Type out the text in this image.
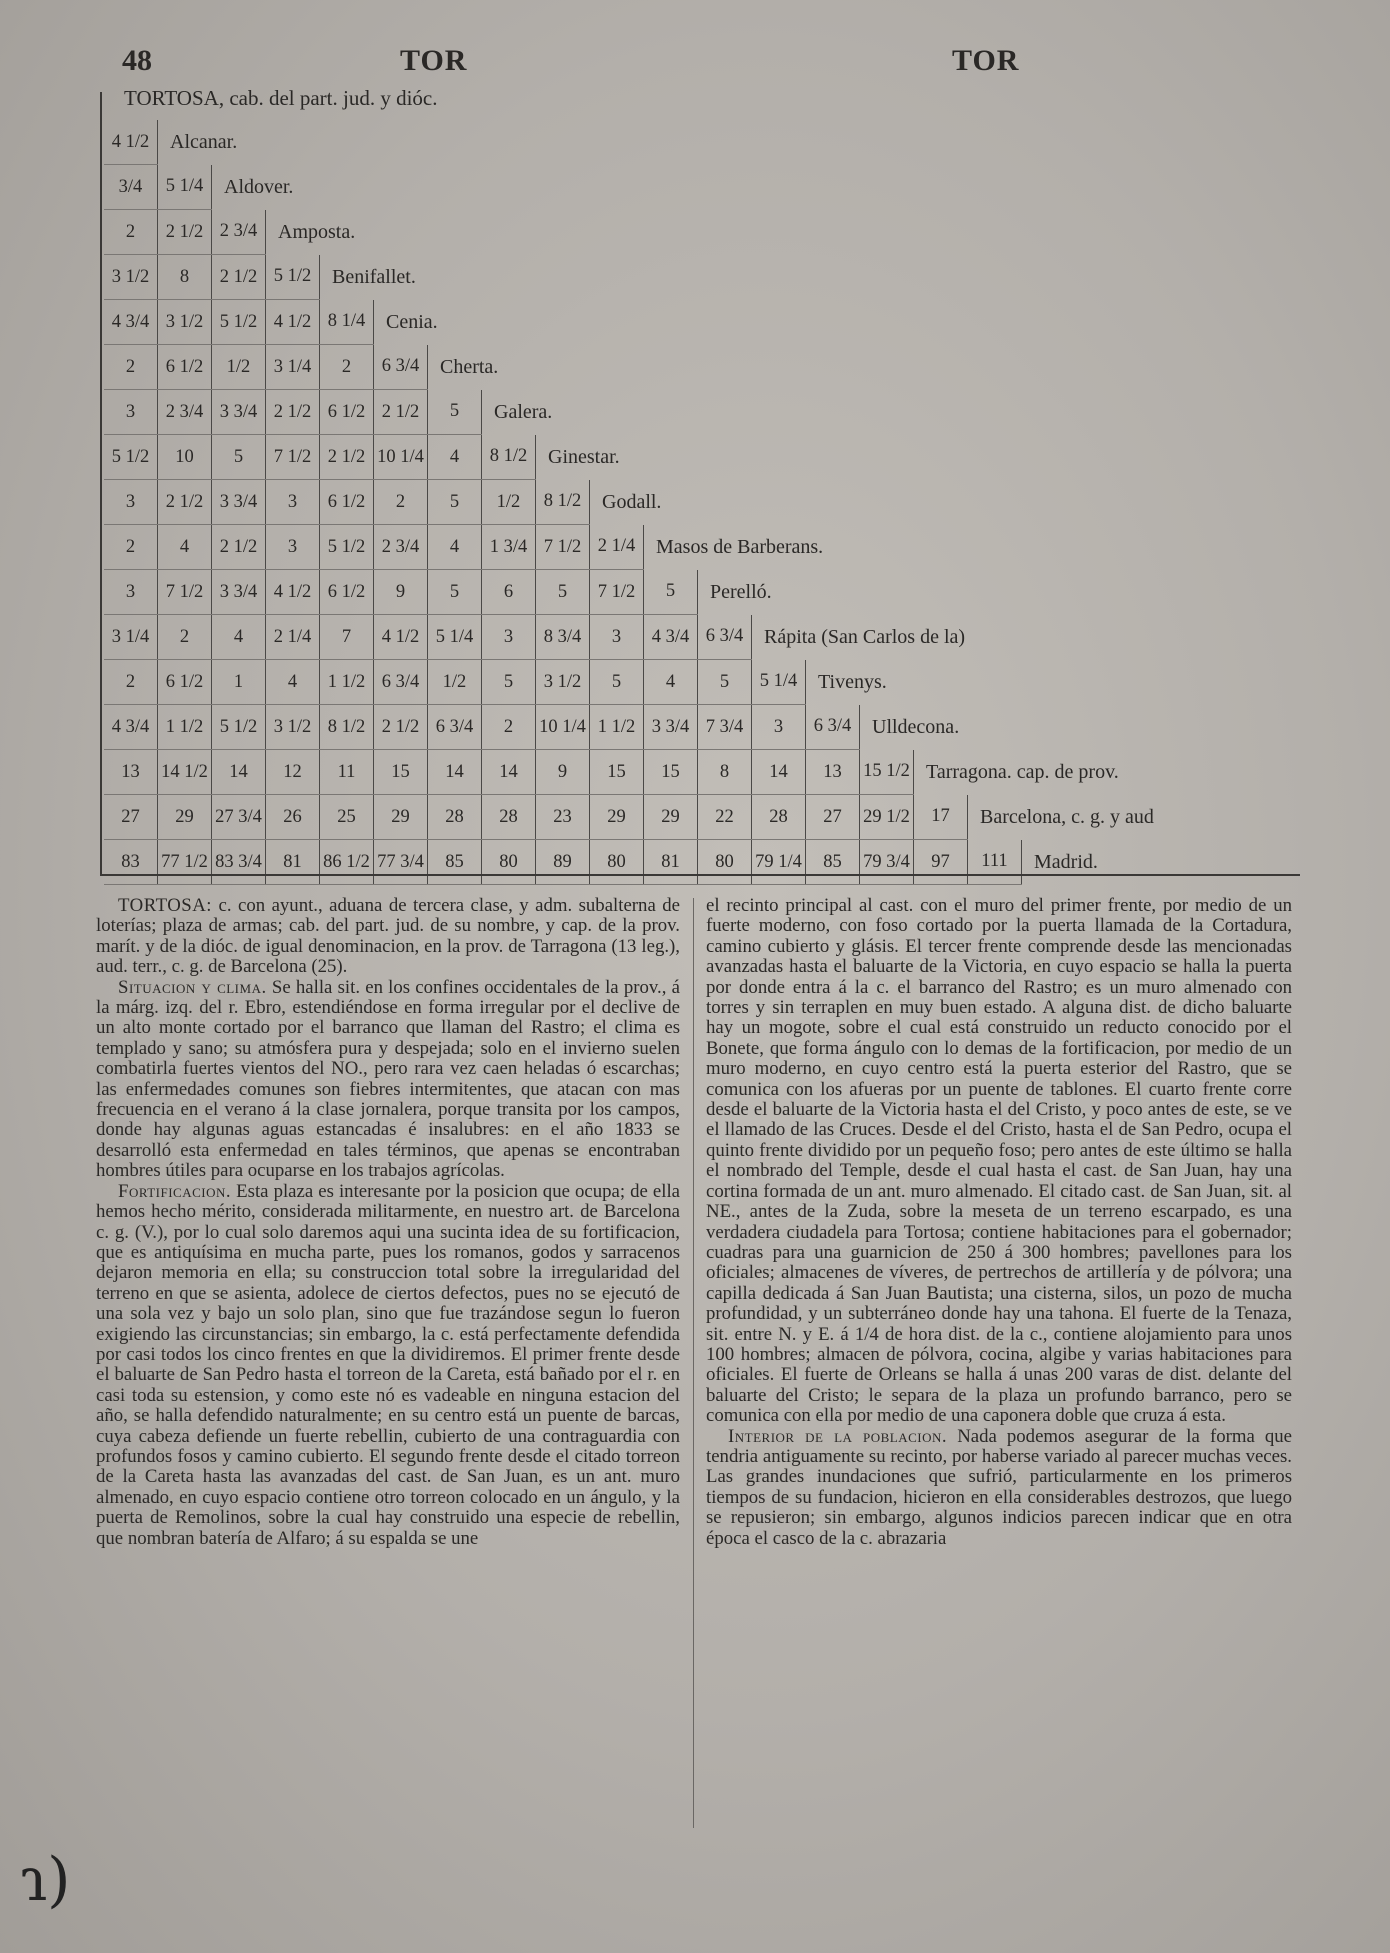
48	TOR	TOR
TORTOSA, cab. del part. jud. y dióc.
4 1/2	Alcanar.																
3/4	5 1/4	Aldover.															
2	2 1/2	2 3/4	Amposta.														
3 1/2	8	2 1/2	5 1/2	Benifallet.													
4 3/4	3 1/2	5 1/2	4 1/2	8 1/4	Cenia.												
2	6 1/2	1/2	3 1/4	2	6 3/4	Cherta.											
3	2 3/4	3 3/4	2 1/2	6 1/2	2 1/2	5	Galera.										
5 1/2	10	5	7 1/2	2 1/2	10 1/4	4	8 1/2	Ginestar.									
3	2 1/2	3 3/4	3	6 1/2	2	5	1/2	8 1/2	Godall.								
2	4	2 1/2	3	5 1/2	2 3/4	4	1 3/4	7 1/2	2 1/4	Masos de Barberans.							
3	7 1/2	3 3/4	4 1/2	6 1/2	9	5	6	5	7 1/2	5	Perelló.						
3 1/4	2	4	2 1/4	7	4 1/2	5 1/4	3	8 3/4	3	4 3/4	6 3/4	Rápita (San Carlos de la)					
2	6 1/2	1	4	1 1/2	6 3/4	1/2	5	3 1/2	5	4	5	5 1/4	Tivenys.				
4 3/4	1 1/2	5 1/2	3 1/2	8 1/2	2 1/2	6 3/4	2	10 1/4	1 1/2	3 3/4	7 3/4	3	6 3/4	Ulldecona.			
13	14 1/2	14	12	11	15	14	14	9	15	15	8	14	13	15 1/2	Tarragona. cap. de prov.		
27	29	27 3/4	26	25	29	28	28	23	29	29	22	28	27	29 1/2	17	Barcelona, c. g. y aud	
83	77 1/2	83 3/4	81	86 1/2	77 3/4	85	80	89	80	81	80	79 1/4	85	79 3/4	97	111	Madrid.

TORTOSA: c. con ayunt., aduana de tercera clase, y adm. subalterna de loterías; plaza de armas; cab. del part. jud. de su nombre, y cap. de la prov. marít. y de la dióc. de igual denominacion, en la prov. de Tarragona (13 leg.), aud. terr., c. g. de Barcelona (25).

Situacion y clima. Se halla sit. en los confines occidentales de la prov., á la márg. izq. del r. Ebro, estendiéndose en forma irregular por el declive de un alto monte cortado por el barranco que llaman del Rastro; el clima es templado y sano; su atmósfera pura y despejada; solo en el invierno suelen combatirla fuertes vientos del NO., pero rara vez caen heladas ó escarchas; las enfermedades comunes son fiebres intermitentes, que atacan con mas frecuencia en el verano á la clase jornalera, porque transita por los campos, donde hay algunas aguas estancadas é insalubres: en el año 1833 se desarrolló esta enfermedad en tales términos, que apenas se encontraban hombres útiles para ocuparse en los trabajos agrícolas.

Fortificacion. Esta plaza es interesante por la posicion que ocupa; de ella hemos hecho mérito, considerada militarmente, en nuestro art. de Barcelona c. g. (V.), por lo cual solo daremos aqui una sucinta idea de su fortificacion, que es antiquísima en mucha parte, pues los romanos, godos y sarracenos dejaron memoria en ella; su construccion total sobre la irregularidad del terreno en que se asienta, adolece de ciertos defectos, pues no se ejecutó de una sola vez y bajo un solo plan, sino que fue trazándose segun lo fueron exigiendo las circunstancias; sin embargo, la c. está perfectamente defendida por casi todos los cinco frentes en que la dividiremos. El primer frente desde el baluarte de San Pedro hasta el torreon de la Careta, está bañado por el r. en casi toda su estension, y como este nó es vadeable en ninguna estacion del año, se halla defendido naturalmente; en su centro está un puente de barcas, cuya cabeza defiende un fuerte rebellin, cubierto de una contraguardia con profundos fosos y camino cubierto. El segundo frente desde el citado torreon de la Careta hasta las avanzadas del cast. de San Juan, es un ant. muro almenado, en cuyo espacio contiene otro torreon colocado en un ángulo, y la puerta de Remolinos, sobre la cual hay construido una especie de rebellin, que nombran batería de Alfaro; á su espalda se une

el recinto principal al cast. con el muro del primer frente, por medio de un fuerte moderno, con foso cortado por la puerta llamada de la Cortadura, camino cubierto y glásis. El tercer frente comprende desde las mencionadas avanzadas hasta el baluarte de la Victoria, en cuyo espacio se halla la puerta por donde entra á la c. el barranco del Rastro; es un muro almenado con torres y sin terraplen en muy buen estado. A alguna dist. de dicho baluarte hay un mogote, sobre el cual está construido un reducto conocido por el Bonete, que forma ángulo con lo demas de la fortificacion, por medio de un muro moderno, en cuyo centro está la puerta esterior del Rastro, que se comunica con los afueras por un puente de tablones. El cuarto frente corre desde el baluarte de la Victoria hasta el del Cristo, y poco antes de este, se ve el llamado de las Cruces. Desde el del Cristo, hasta el de San Pedro, ocupa el quinto frente dividido por un pequeño foso; pero antes de este último se halla el nombrado del Temple, desde el cual hasta el cast. de San Juan, hay una cortina formada de un ant. muro almenado. El citado cast. de San Juan, sit. al NE., antes de la Zuda, sobre la meseta de un terreno escarpado, es una verdadera ciudadela para Tortosa; contiene habitaciones para el gobernador; cuadras para una guarnicion de 250 á 300 hombres; pavellones para los oficiales; almacenes de víveres, de pertrechos de artillería y de pólvora; una capilla dedicada á San Juan Bautista; una cisterna, silos, un pozo de mucha profundidad, y un subterráneo donde hay una tahona. El fuerte de la Tenaza, sit. entre N. y E. á 1/4 de hora dist. de la c., contiene alojamiento para unos 100 hombres; almacen de pólvora, cocina, algibe y varias habitaciones para oficiales. El fuerte de Orleans se halla á unas 200 varas de dist. delante del baluarte del Cristo; le separa de la plaza un profundo barranco, pero se comunica con ella por medio de una caponera doble que cruza á esta.

Interior de la poblacion. Nada podemos asegurar de la forma que tendria antiguamente su recinto, por haberse variado al parecer muchas veces. Las grandes inundaciones que sufrió, particularmente en los primeros tiempos de su fundacion, hicieron en ella considerables destrozos, que luego se repusieron; sin embargo, algunos indicios parecen indicar que en otra época el casco de la c. abrazaria

ɿ)
